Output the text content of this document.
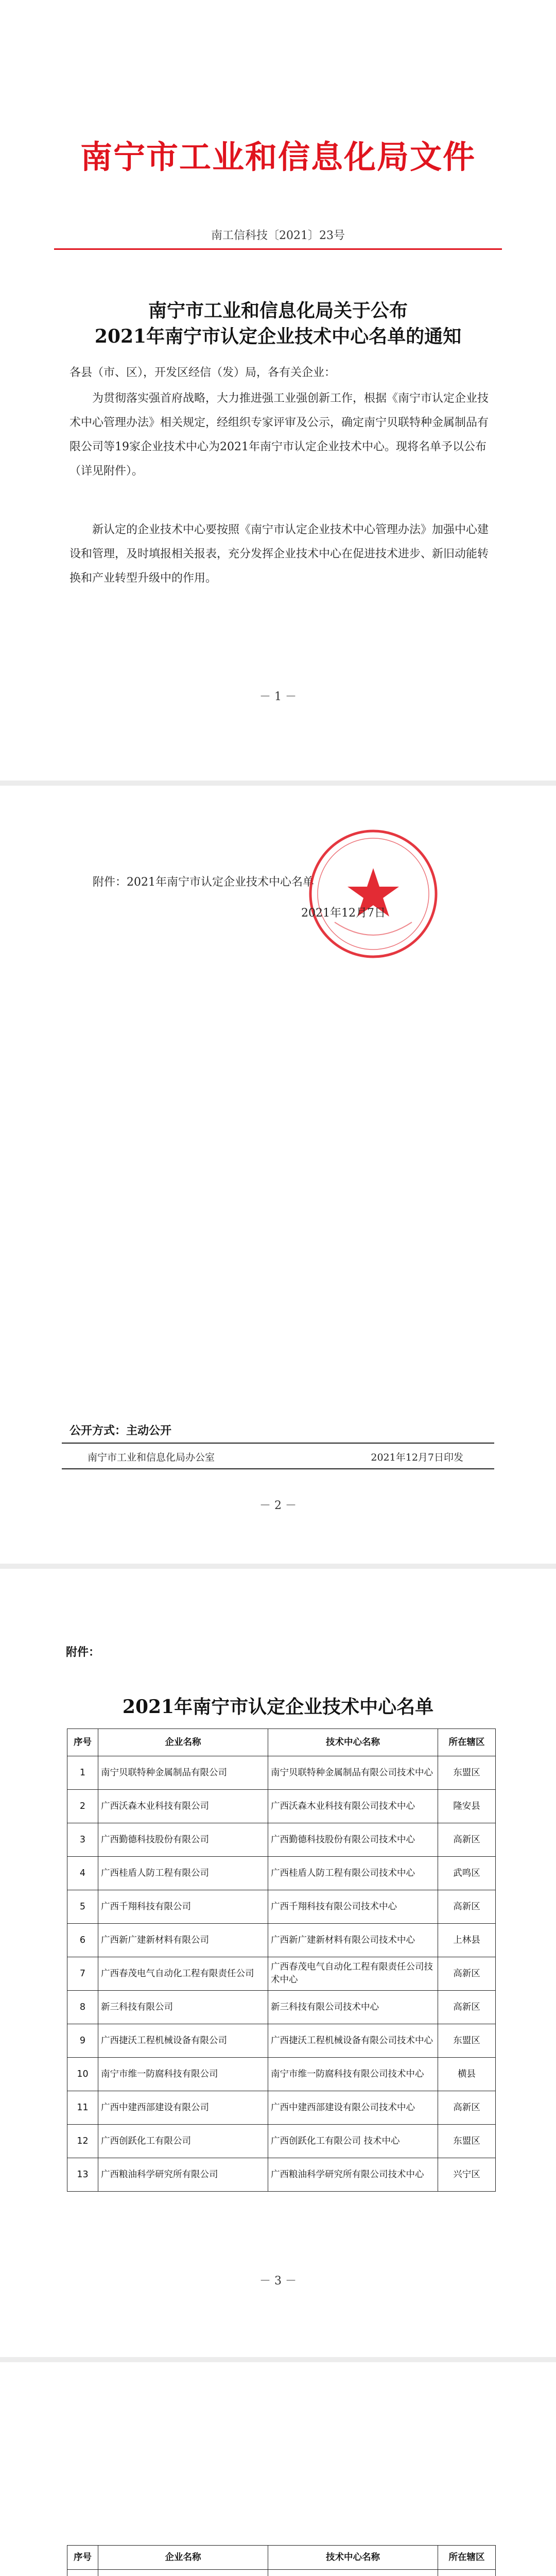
南宁市工业和信息化局文件
南工信科技〔2021〕23号
南宁市工业和信息化局关于公布
2021年南宁市认定企业技术中心名单的通知
各县（市、区），开发区经信（发）局，各有关企业：
为贯彻落实强首府战略，大力推进强工业强创新工作，根据《南宁市认定企业技术中心管理办法》相关规定，经组织专家评审及公示，确定南宁贝联特种金属制品有限公司等19家企业技术中心为2021年南宁市认定企业技术中心。现将名单予以公布（详见附件）。
新认定的企业技术中心要按照《南宁市认定企业技术中心管理办法》加强中心建设和管理，及时填报相关报表，充分发挥企业技术中心在促进技术进步、新旧动能转换和产业转型升级中的作用。
－ 1 －
附件：2021年南宁市认定企业技术中心名单
2021年12月7日
公开方式：主动公开
南宁市工业和信息化局办公室	2021年12月7日印发
－ 2 －
附件：
2021年南宁市认定企业技术中心名单
序号	企业名称	技术中心名称	所在辖区
1	南宁贝联特种金属制品有限公司	南宁贝联特种金属制品有限公司技术中心	东盟区
2	广西沃森木业科技有限公司	广西沃森木业科技有限公司技术中心	隆安县
3	广西勤德科技股份有限公司	广西勤德科技股份有限公司技术中心	高新区
4	广西桂盾人防工程有限公司	广西桂盾人防工程有限公司技术中心	武鸣区
5	广西千翔科技有限公司	广西千翔科技有限公司技术中心	高新区
6	广西新广建新材料有限公司	广西新广建新材料有限公司技术中心	上林县
7	广西春茂电气自动化工程有限责任公司	广西春茂电气自动化工程有限责任公司技术中心	高新区
8	新三科技有限公司	新三科技有限公司技术中心	高新区
9	广西捷沃工程机械设备有限公司	广西捷沃工程机械设备有限公司技术中心	东盟区
10	南宁市维一防腐科技有限公司	南宁市维一防腐科技有限公司技术中心	横县
11	广西中建西部建设有限公司	广西中建西部建设有限公司技术中心	高新区
12	广西创跃化工有限公司	广西创跃化工有限公司 技术中心	东盟区
13	广西粮油科学研究所有限公司	广西粮油科学研究所有限公司技术中心	兴宁区
－ 3 －
序号	企业名称	技术中心名称	所在辖区
